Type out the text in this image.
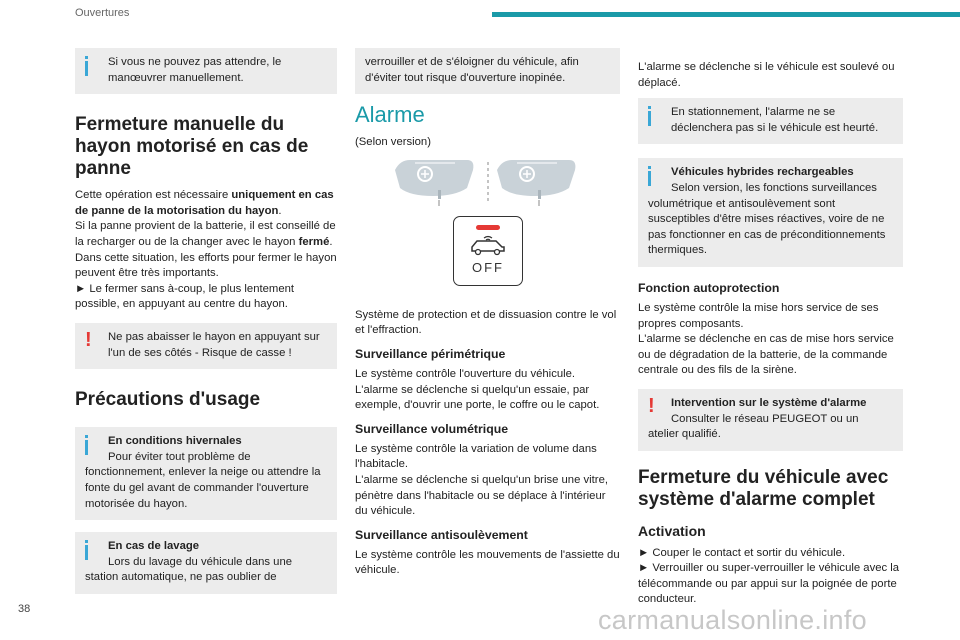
Ouvertures
Si vous ne pouvez pas attendre, le manœuvrer manuellement.
Fermeture manuelle du hayon motorisé en cas de panne

Cette opération est nécessaire uniquement en cas de panne de la motorisation du hayon.
Si la panne provient de la batterie, il est conseillé de la recharger ou de la changer avec le hayon fermé.
Dans cette situation, les efforts pour fermer le hayon peuvent être très importants.
► Le fermer sans à-coup, le plus lentement possible, en appuyant au centre du hayon.

!	Ne pas abaisser le hayon en appuyant sur l'un de ses côtés - Risque de casse !
Précautions d'usage
En conditions hivernales
Pour éviter tout problème de
fonctionnement, enlever la neige ou attendre la fonte du gel avant de commander l'ouverture motorisée du hayon.
En cas de lavage
Lors du lavage du véhicule dans une
station automatique, ne pas oublier de
verrouiller et de s'éloigner du véhicule, afin d'éviter tout risque d'ouverture inopinée.
Alarme

(Selon version)

OFF

Système de protection et de dissuasion contre le vol et l'effraction.

Surveillance périmétrique

Le système contrôle l'ouverture du véhicule.
L'alarme se déclenche si quelqu'un essaie, par exemple, d'ouvrir une porte, le coffre ou le capot.

Surveillance volumétrique

Le système contrôle la variation de volume dans l'habitacle.
L'alarme se déclenche si quelqu'un brise une vitre, pénètre dans l'habitacle ou se déplace à l'intérieur du véhicule.

Surveillance antisoulèvement

Le système contrôle les mouvements de l'assiette du véhicule.

L'alarme se déclenche si le véhicule est soulevé ou déplacé.

En stationnement, l'alarme ne se déclenchera pas si le véhicule est heurté.
Véhicules hybrides rechargeables
Selon version, les fonctions surveillances
volumétrique et antisoulèvement sont susceptibles d'être mises réactives, voire de ne pas fonctionner en cas de préconditionnements thermiques.
Fonction autoprotection

Le système contrôle la mise hors service de ses propres composants.
L'alarme se déclenche en cas de mise hors service ou de dégradation de la batterie, de la commande centrale ou des fils de la sirène.

!	Intervention sur le système d'alarme
Consulter le réseau PEUGEOT ou un
atelier qualifié.
Fermeture du véhicule avec système d'alarme complet
Activation

► Couper le contact et sortir du véhicule.
► Verrouiller ou super-verrouiller le véhicule avec la télécommande ou par appui sur la poignée de porte conducteur.

38	carmanualsonline.info
